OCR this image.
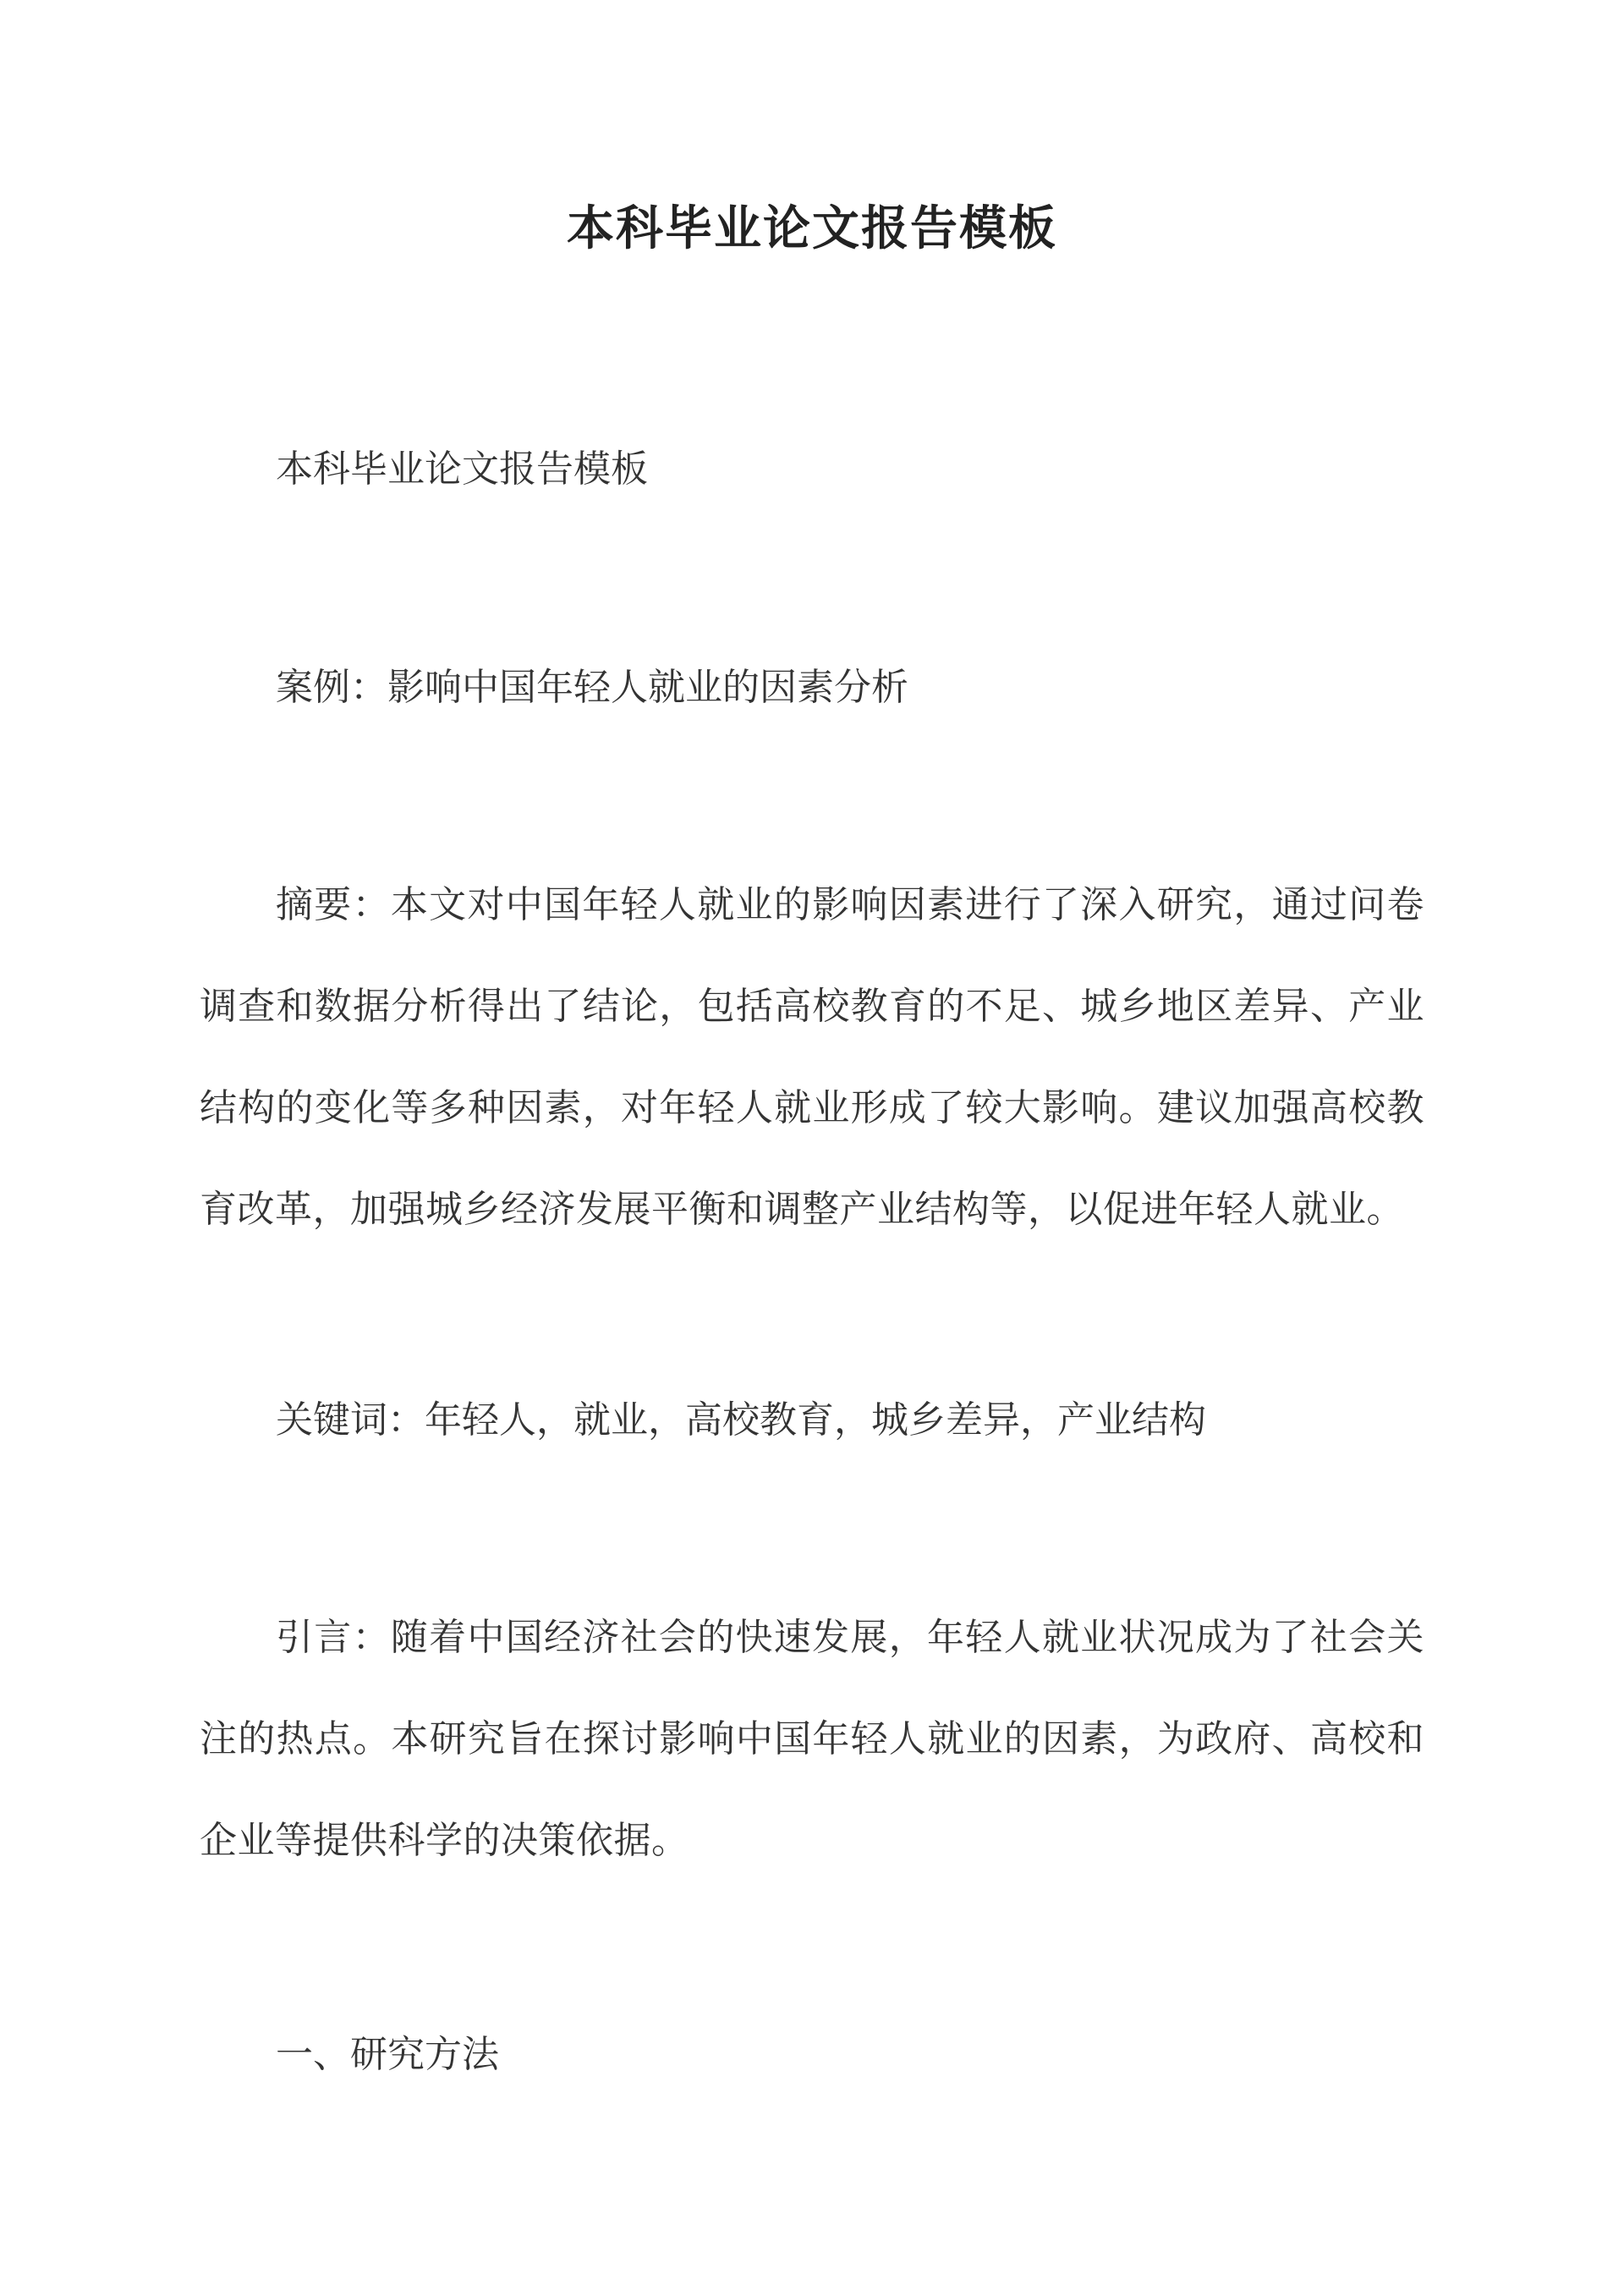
本科毕业论文报告模板

本科毕业论文报告模板

案例：影响中国年轻人就业的因素分析

摘要：本文对中国年轻人就业的影响因素进行了深入研究，通过问卷调查和数据分析得出了结论，包括高校教育的不足、城乡地区差异、产业结构的变化等多种因素，对年轻人就业形成了较大影响。建议加强高校教育改革，加强城乡经济发展平衡和调整产业结构等，以促进年轻人就业。

关键词：年轻人，就业，高校教育，城乡差异，产业结构

引言：随着中国经济社会的快速发展，年轻人就业状况成为了社会关注的热点。本研究旨在探讨影响中国年轻人就业的因素，为政府、高校和企业等提供科学的决策依据。

一、研究方法
